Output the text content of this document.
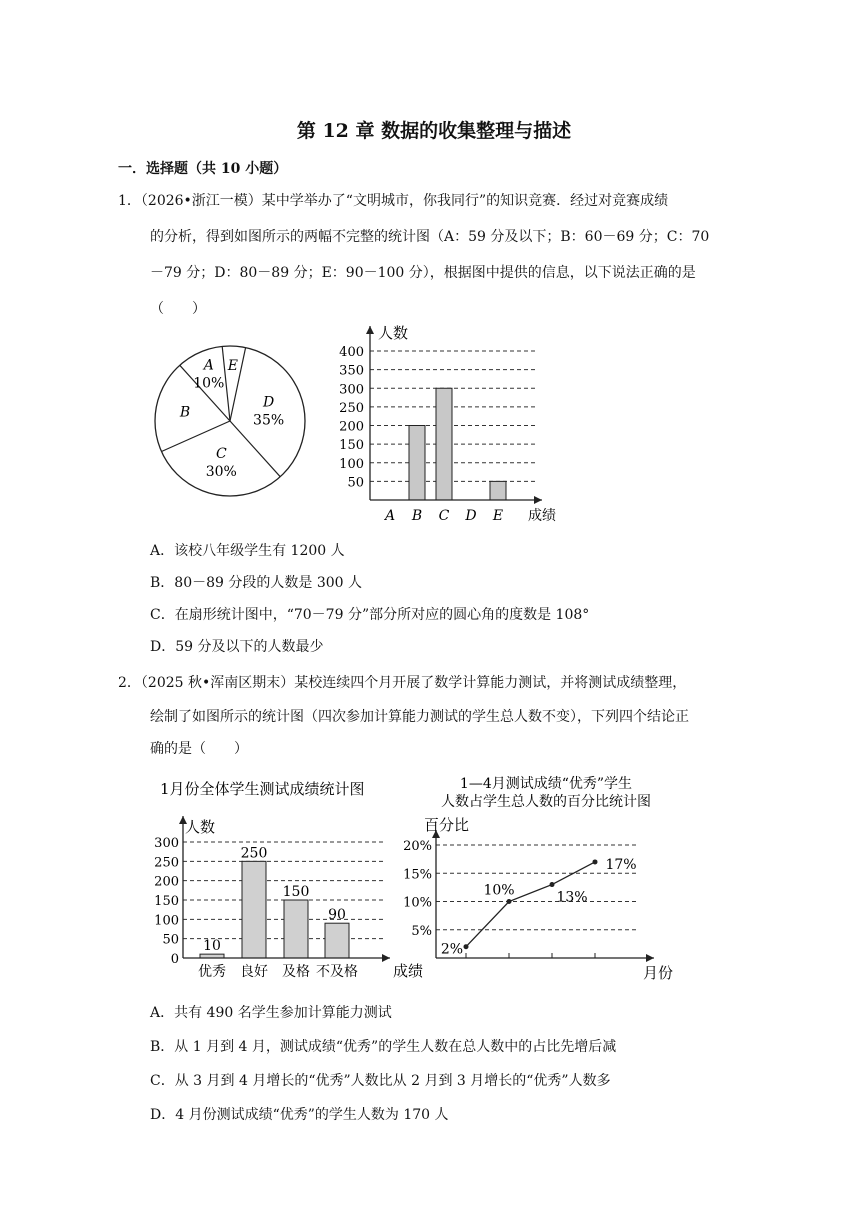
第 12 章 数据的收集整理与描述
一．选择题（共 10 小题）
1．（2026•浙江一模）某中学举办了“文明城市，你我同行”的知识竞赛．经过对竞赛成绩
的分析，得到如图所示的两幅不完整的统计图（A：59 分及以下；B：60－69 分；C：70
－79 分；D：80－89 分；E：90－100 分），根据图中提供的信息，以下说法正确的是
（　　）
D
35%
C
30%
B
A
10%
E
50
100
150
200
250
300
350
400
A B C D E
人数
成绩
A．该校八年级学生有 1200 人
B．80－89 分段的人数是 300 人
C．在扇形统计图中，“70－79 分”部分所对应的圆心角的度数是 108°
D．59 分及以下的人数最少
2．（2025 秋•浑南区期末）某校连续四个月开展了数学计算能力测试，并将测试成绩整理，
绘制了如图所示的统计图（四次参加计算能力测试的学生总人数不变），下列四个结论正
确的是（　　）
1月份全体学生测试成绩统计图
0
50
100
150
200
250
300
10
优秀
250
良好
150
及格
90
不及格
人数
成绩
1—4月测试成绩“优秀”学生
人数占学生总人数的百分比统计图
5%
10%
15%
20%
百分比
月份
2%
10%	13%
17%
A．共有 490 名学生参加计算能力测试
B．从 1 月到 4 月，测试成绩“优秀”的学生人数在总人数中的占比先增后减
C．从 3 月到 4 月增长的“优秀”人数比从 2 月到 3 月增长的“优秀”人数多
D．4 月份测试成绩“优秀”的学生人数为 170 人
